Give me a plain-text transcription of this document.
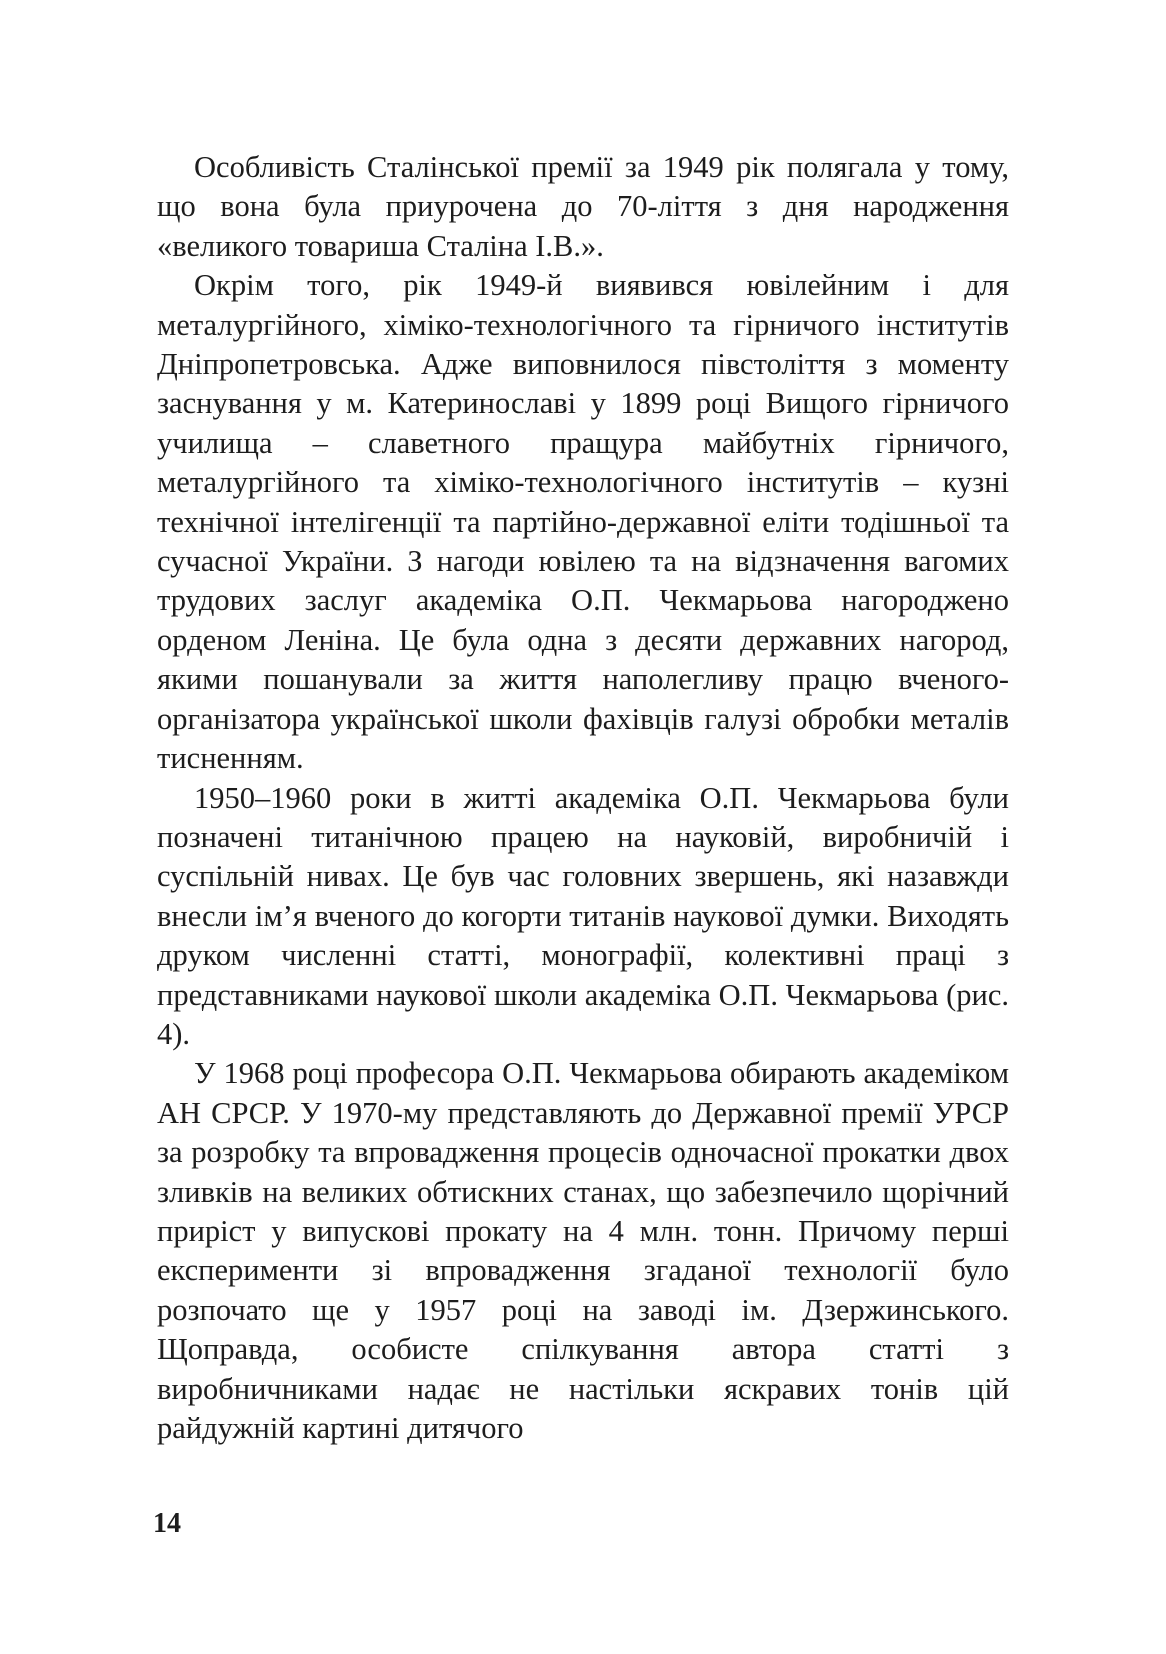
Особливість Сталінської премії за 1949 рік полягала у тому, що вона була приурочена до 70-ліття з дня народження «великого товариша Сталіна І.В.».

Окрім того, рік 1949-й виявився ювілейним і для металургійного, хіміко-технологічного та гірничого інститутів Дніпропетровська. Адже виповнилося півстоліття з моменту заснування у м. Катеринославі у 1899 році Вищого гірничого училища – славетного пращура майбутніх гірничого, металургійного та хіміко-технологічного інститутів – кузні технічної інтелігенції та партійно-державної еліти тодішньої та сучасної України. З нагоди ювілею та на відзначення вагомих трудових заслуг академіка О.П. Чекмарьова нагороджено орденом Леніна. Це була одна з десяти державних нагород, якими пошанували за життя наполегливу працю вченого-організатора української школи фахівців галузі обробки металів тисненням.

1950–1960 роки в житті академіка О.П. Чекмарьова були позначені титанічною працею на науковій, виробничій і суспільній нивах. Це був час головних звершень, які назавжди внесли ім’я вченого до когорти титанів наукової думки. Виходять друком численні статті, монографії, колективні праці з представниками наукової школи академіка О.П. Чекмарьова (рис. 4).

У 1968 році професора О.П. Чекмарьова обирають академіком АН СРСР. У 1970-му представляють до Державної премії УРСР за розробку та впровадження процесів одночасної прокатки двох зливків на великих обтискних станах, що забезпечило щорічний приріст у випускові прокату на 4 млн. тонн. Причому перші експерименти зі впровадження згаданої технології було розпочато ще у 1957 році на заводі ім. Дзержинського. Щоправда, особисте спілкування автора статті з виробничниками надає не настільки яскравих тонів цій райдужній картині дитячого

14
